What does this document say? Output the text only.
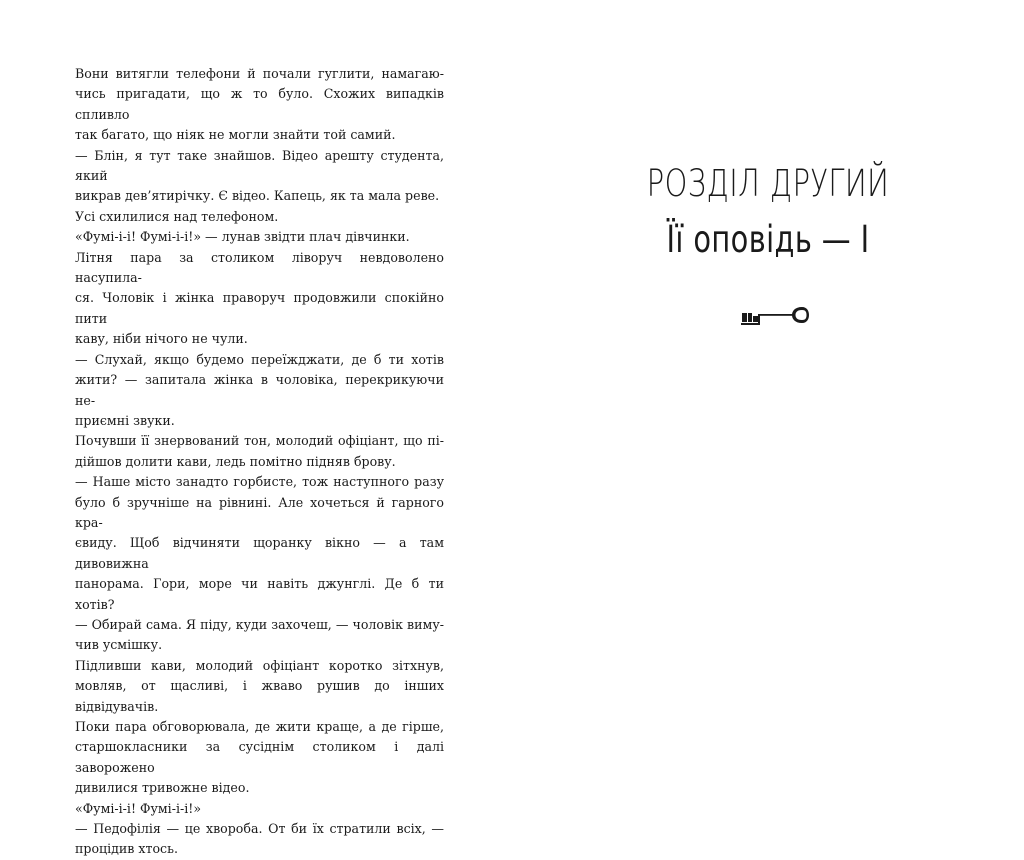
Вони витягли телефони й почали гуглити, намагаю-

чись пригадати, що ж то було. Схожих випадків спливло

так багато, що ніяк не могли знайти той самий.

— Блін, я тут таке знайшов. Відео арешту студента, який

викрав дев’ятирічку. Є відео. Капець, як та мала реве.

Усі схилилися над телефоном.

«Фумі-і-і! Фумі-і-і!» — лунав звідти плач дівчинки.

Літня пара за столиком ліворуч невдоволено насупила-

ся. Чоловік і жінка праворуч продовжили спокійно пити

каву, ніби нічого не чули.

— Слухай, якщо будемо переїжджати, де б ти хотів

жити? — запитала жінка в чоловіка, перекрикуючи не-

приємні звуки.

Почувши її знервований тон, молодий офіціант, що пі-

дійшов долити кави, ледь помітно підняв брову.

— Наше місто занадто горбисте, тож наступного разу

було б зручніше на рівнині. Але хочеться й гарного кра-

євиду. Щоб відчиняти щоранку вікно — а там дивовижна

панорама. Гори, море чи навіть джунглі. Де б ти хотів?

— Обирай сама. Я піду, куди захочеш, — чоловік виму-

чив усмішку.

Підливши кави, молодий офіціант коротко зітхнув,

мовляв, от щасливі, і жваво рушив до інших відвідувачів.

Поки пара обговорювала, де жити краще, а де гірше,

старшокласники за сусіднім столиком і далі заворожено

дивилися тривожне відео.

«Фумі-і-і! Фумі-і-і!»

— Педофілія — це хвороба. От би їх стратили всіх, —

процідив хтось.

РОЗДІЛ ДРУГИЙ
Її оповідь — І
